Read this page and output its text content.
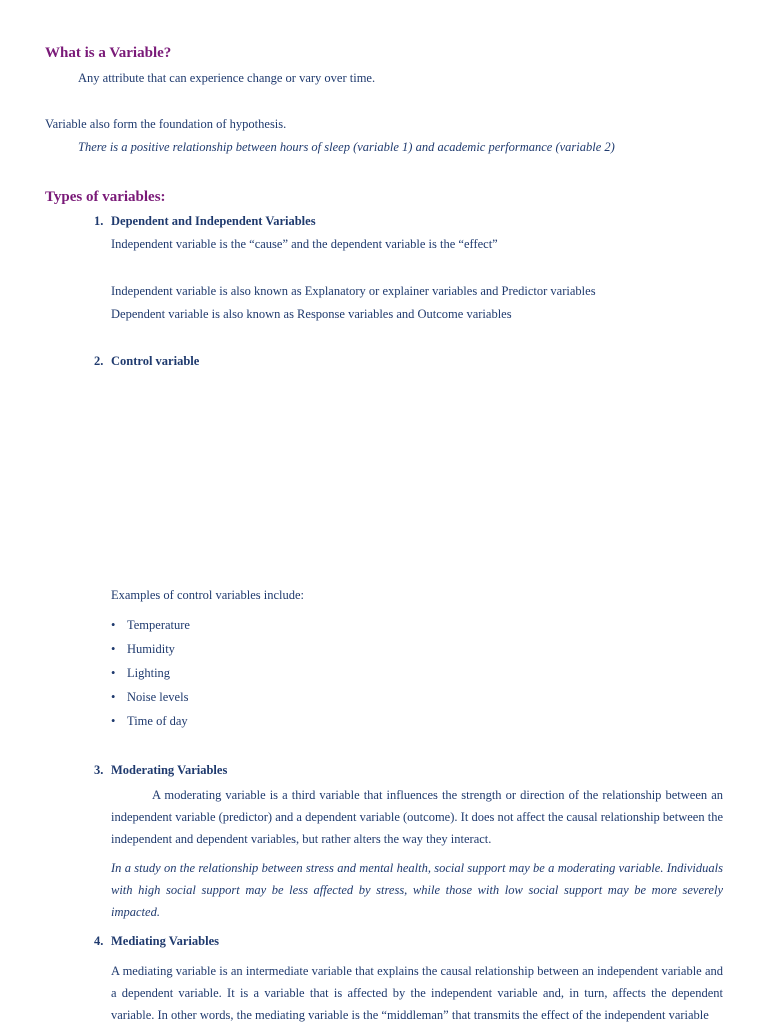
What is a Variable?
Any attribute that can experience change or vary over time.
Variable also form the foundation of hypothesis.
There is a positive relationship between hours of sleep (variable 1) and academic performance (variable 2)
Types of variables:
1. Dependent and Independent Variables
Independent variable is the “cause” and the dependent variable is the “effect”
Independent variable is also known as Explanatory or explainer variables and Predictor variables
Dependent variable is also known as Response variables and Outcome variables
2. Control variable
Examples of control variables include:
• Temperature
• Humidity
• Lighting
• Noise levels
• Time of day
3. Moderating Variables
A moderating variable is a third variable that influences the strength or direction of the relationship between an independent variable (predictor) and a dependent variable (outcome). It does not affect the causal relationship between the independent and dependent variables, but rather alters the way they interact.
In a study on the relationship between stress and mental health, social support may be a moderating variable. Individuals with high social support may be less affected by stress, while those with low social support may be more severely impacted.
4. Mediating Variables
A mediating variable is an intermediate variable that explains the causal relationship between an independent variable and a dependent variable. It is a variable that is affected by the independent variable and, in turn, affects the dependent variable. In other words, the mediating variable is the “middleman” that transmits the effect of the independent variable
